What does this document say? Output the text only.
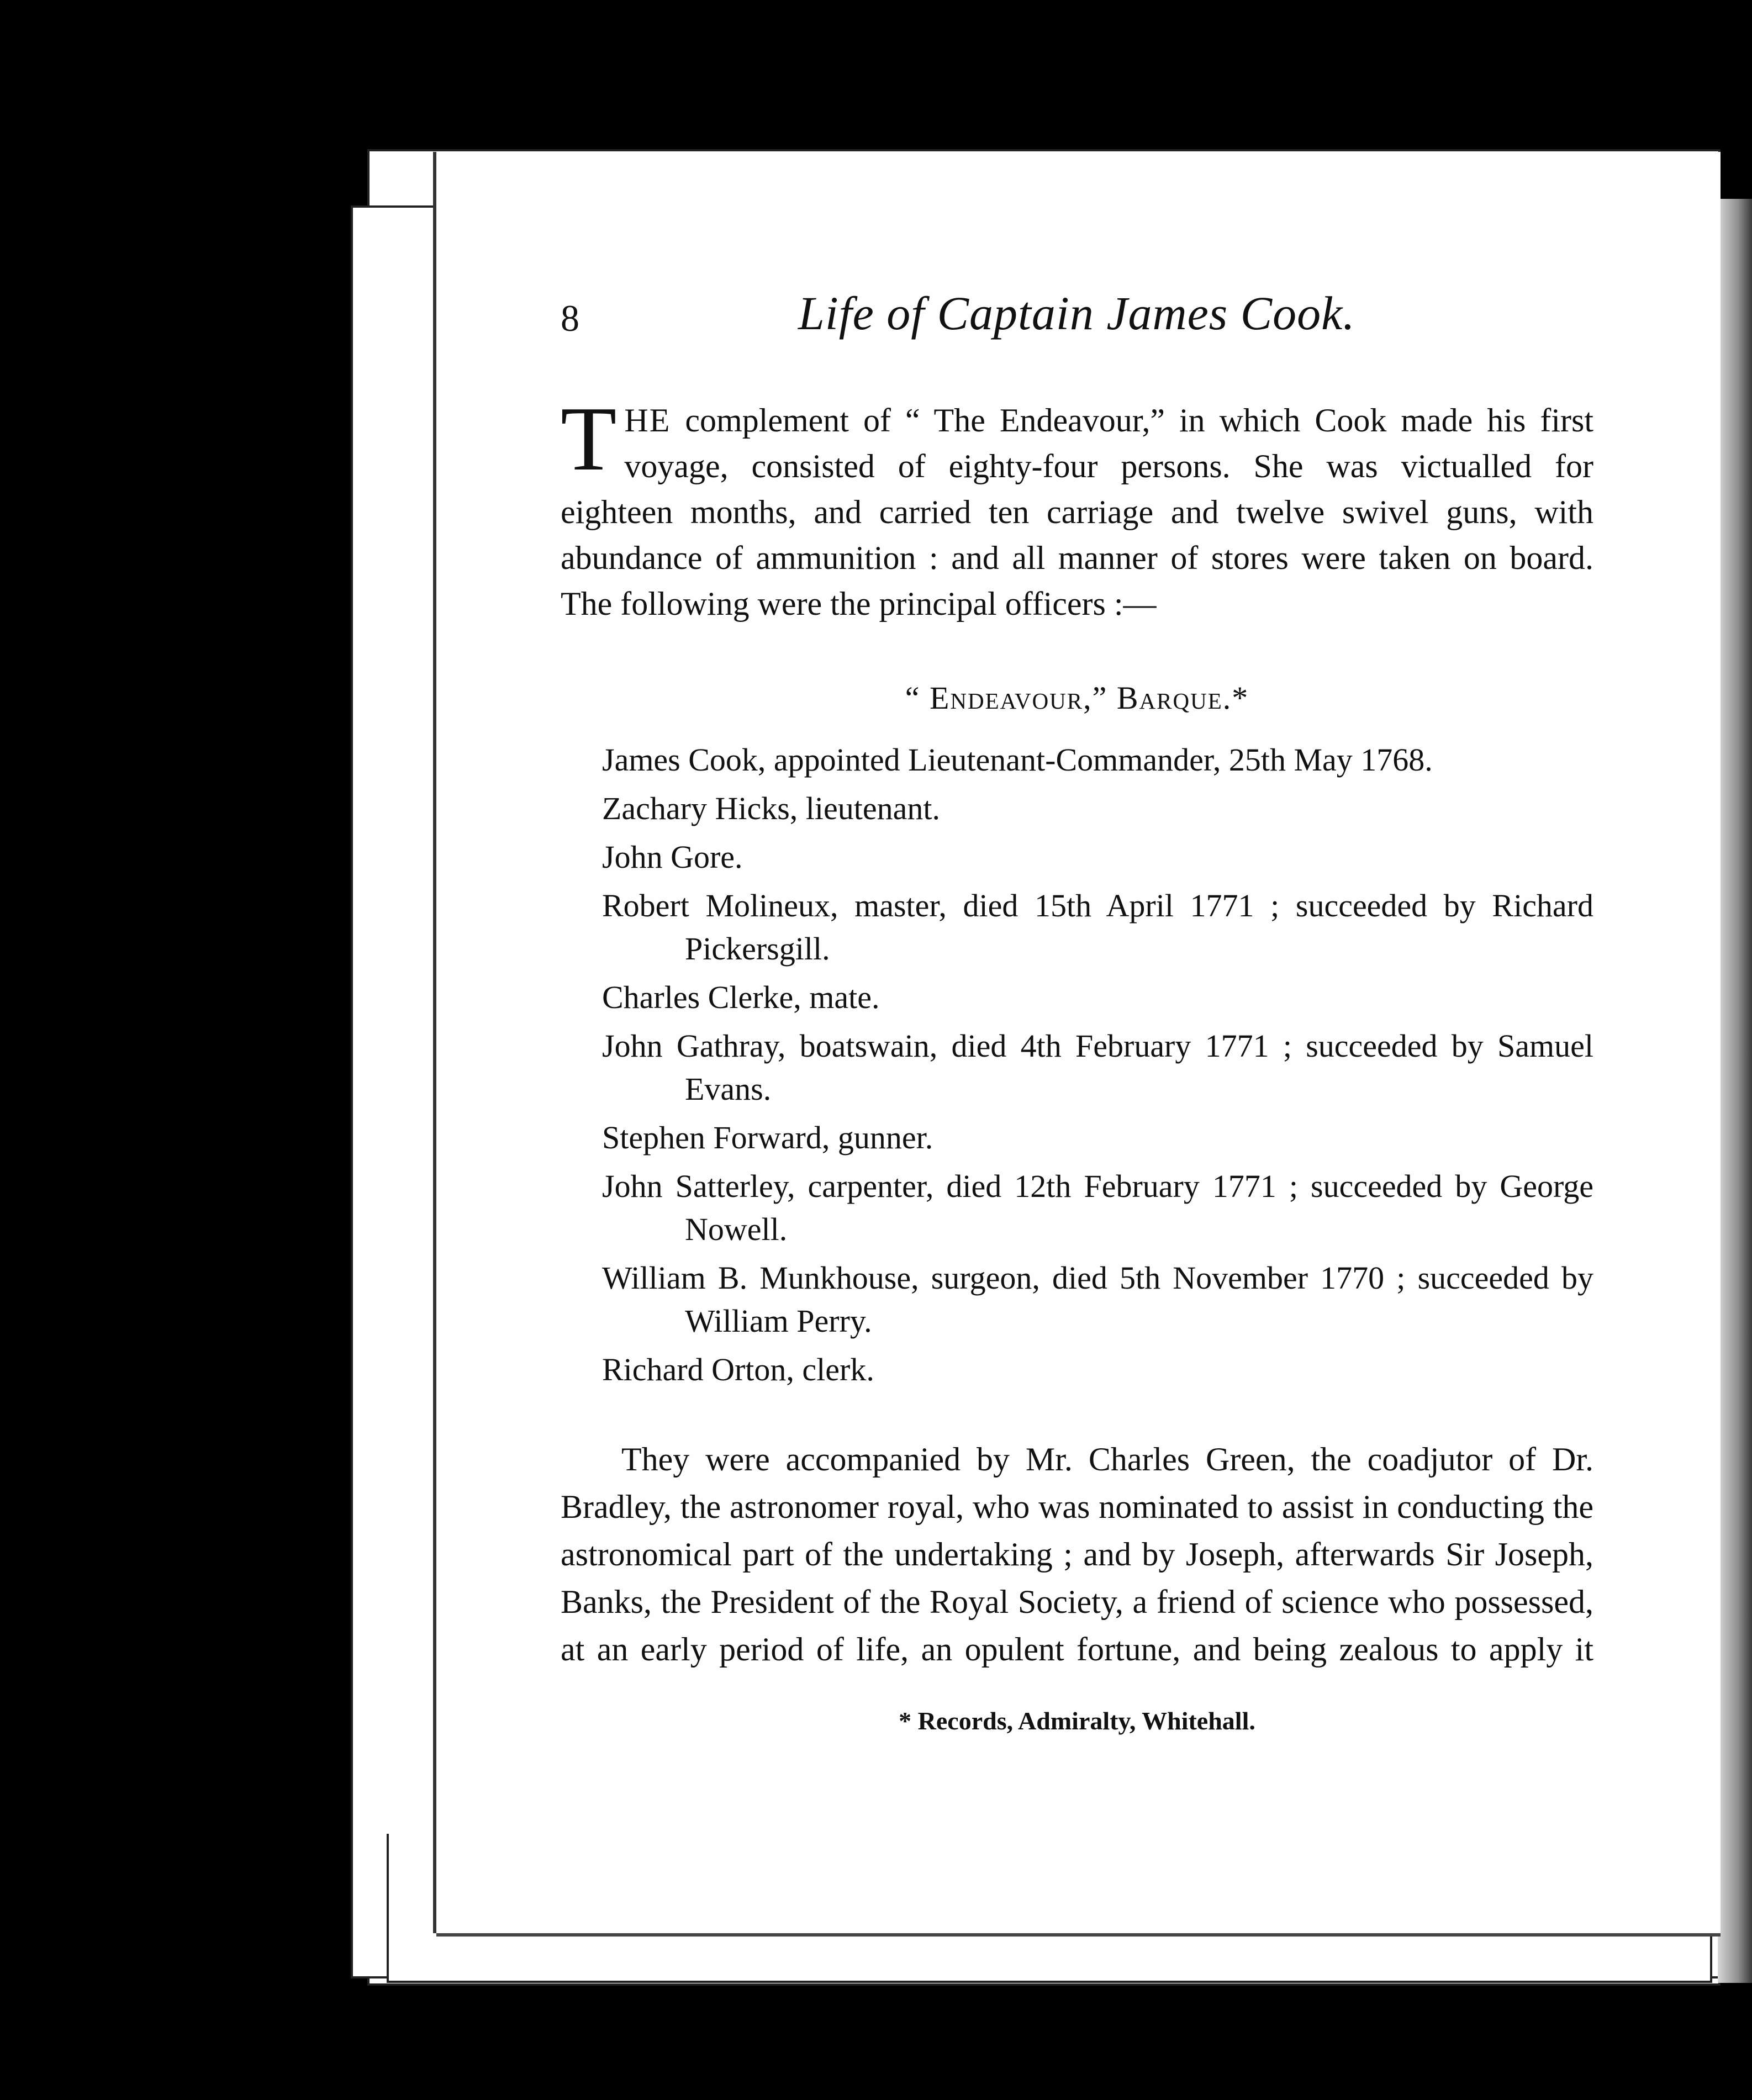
8	Life of Captain James Cook.

THE complement of “ The Endeavour,” in which Cook made his first voyage, consisted of eighty-four persons. She was victualled for eighteen months, and carried ten carriage and twelve swivel guns, with abundance of ammunition : and all manner of stores were taken on board. The following were the principal officers :—

“ Endeavour,” Barque.*
James Cook, appointed Lieutenant-Commander, 25th May 1768.
Zachary Hicks, lieutenant.
John Gore.
Robert Molineux, master, died 15th April 1771 ; succeeded by Richard Pickersgill.
Charles Clerke, mate.
John Gathray, boatswain, died 4th February 1771 ; succeeded by Samuel Evans.
Stephen Forward, gunner.
John Satterley, carpenter, died 12th February 1771 ; succeeded by George Nowell.
William B. Munkhouse, surgeon, died 5th November 1770 ; succeeded by William Perry.
Richard Orton, clerk.

They were accompanied by Mr. Charles Green, the coadjutor of Dr. Bradley, the astronomer royal, who was nominated to assist in conducting the astronomical part of the undertaking ; and by Joseph, afterwards Sir Joseph, Banks, the President of the Royal Society, a friend of science who possessed, at an early period of life, an opulent fortune, and being zealous to apply it

* Records, Admiralty, Whitehall.
